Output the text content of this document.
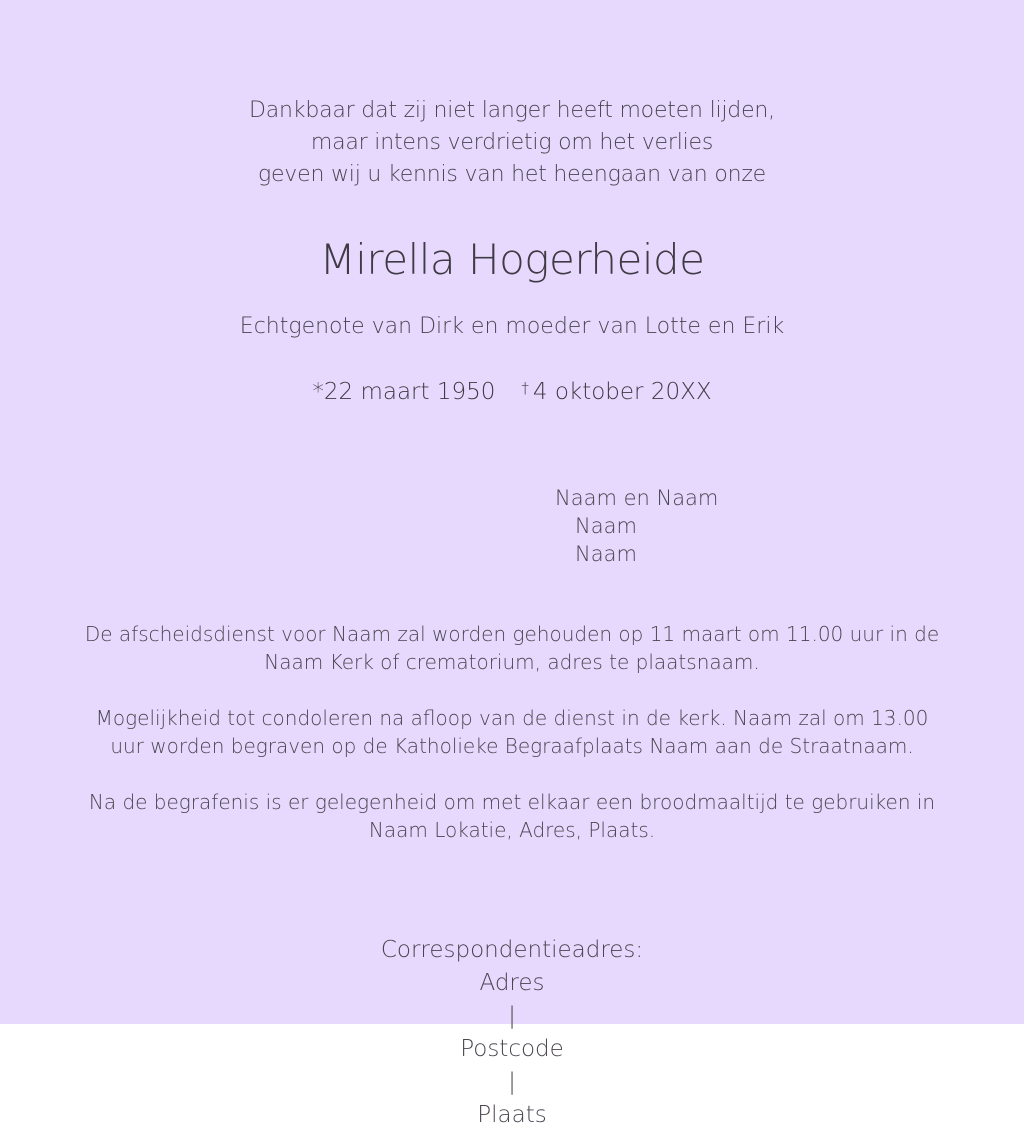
Dankbaar dat zij niet langer heeft moeten lijden,
maar intens verdrietig om het verlies
geven wij u kennis van het heengaan van onze
Mirella Hogerheide
Echtgenote van Dirk en moeder van Lotte en Erik
*22 maart 1950 † 4 oktober 20XX
Naam en Naam
Naam
Naam

De afscheidsdienst voor Naam zal worden gehouden op 11 maart om 11.00 uur in de Naam Kerk of crematorium, adres te plaatsnaam.

Mogelijkheid tot condoleren na afloop van de dienst in de kerk. Naam zal om 13.00 uur worden begraven op de Katholieke Begraafplaats Naam aan de Straatnaam.

Na de begrafenis is er gelegenheid om met elkaar een broodmaaltijd te gebruiken in Naam Lokatie, Adres, Plaats.

Correspondentieadres:
Adres
|
Postcode
|
Plaats
